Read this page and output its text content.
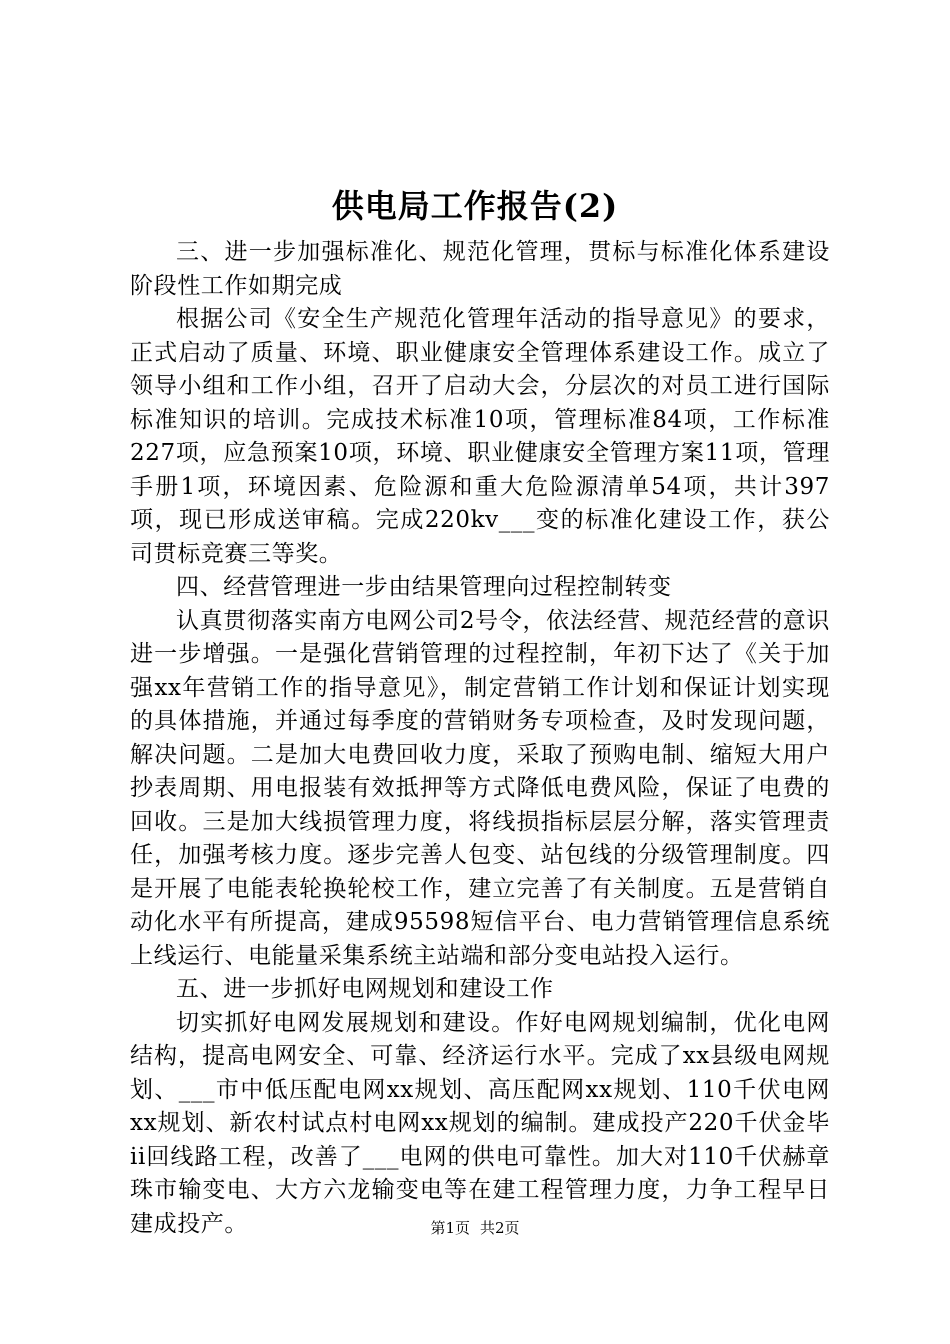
供电局工作报告(2)

三、进一步加强标准化、规范化管理，贯标与标准化体系建设阶段性工作如期完成

根据公司《安全生产规范化管理年活动的指导意见》的要求，正式启动了质量、环境、职业健康安全管理体系建设工作。成立了领导小组和工作小组，召开了启动大会，分层次的对员工进行国际标准知识的培训。完成技术标准10项，管理标准84项，工作标准227项，应急预案10项，环境、职业健康安全管理方案11项，管理手册1项，环境因素、危险源和重大危险源清单54项，共计397项，现已形成送审稿。完成220kv___变的标准化建设工作，获公司贯标竞赛三等奖。

四、经营管理进一步由结果管理向过程控制转变

认真贯彻落实南方电网公司2号令，依法经营、规范经营的意识进一步增强。一是强化营销管理的过程控制，年初下达了《关于加强xx年营销工作的指导意见》，制定营销工作计划和保证计划实现的具体措施，并通过每季度的营销财务专项检查，及时发现问题，解决问题。二是加大电费回收力度，采取了预购电制、缩短大用户抄表周期、用电报装有效抵押等方式降低电费风险，保证了电费的回收。三是加大线损管理力度，将线损指标层层分解，落实管理责任，加强考核力度。逐步完善人包变、站包线的分级管理制度。四是开展了电能表轮换轮校工作，建立完善了有关制度。五是营销自动化水平有所提高，建成95598短信平台、电力营销管理信息系统上线运行、电能量采集系统主站端和部分变电站投入运行。

五、进一步抓好电网规划和建设工作

切实抓好电网发展规划和建设。作好电网规划编制，优化电网结构，提高电网安全、可靠、经济运行水平。完成了xx县级电网规划、___市中低压配电网xx规划、高压配网xx规划、110千伏电网xx规划、新农村试点村电网xx规划的编制。建成投产220千伏金毕ii回线路工程，改善了___电网的供电可靠性。加大对110千伏赫章珠市输变电、大方六龙输变电等在建工程管理力度，力争工程早日建成投产。	第1页 共2页
